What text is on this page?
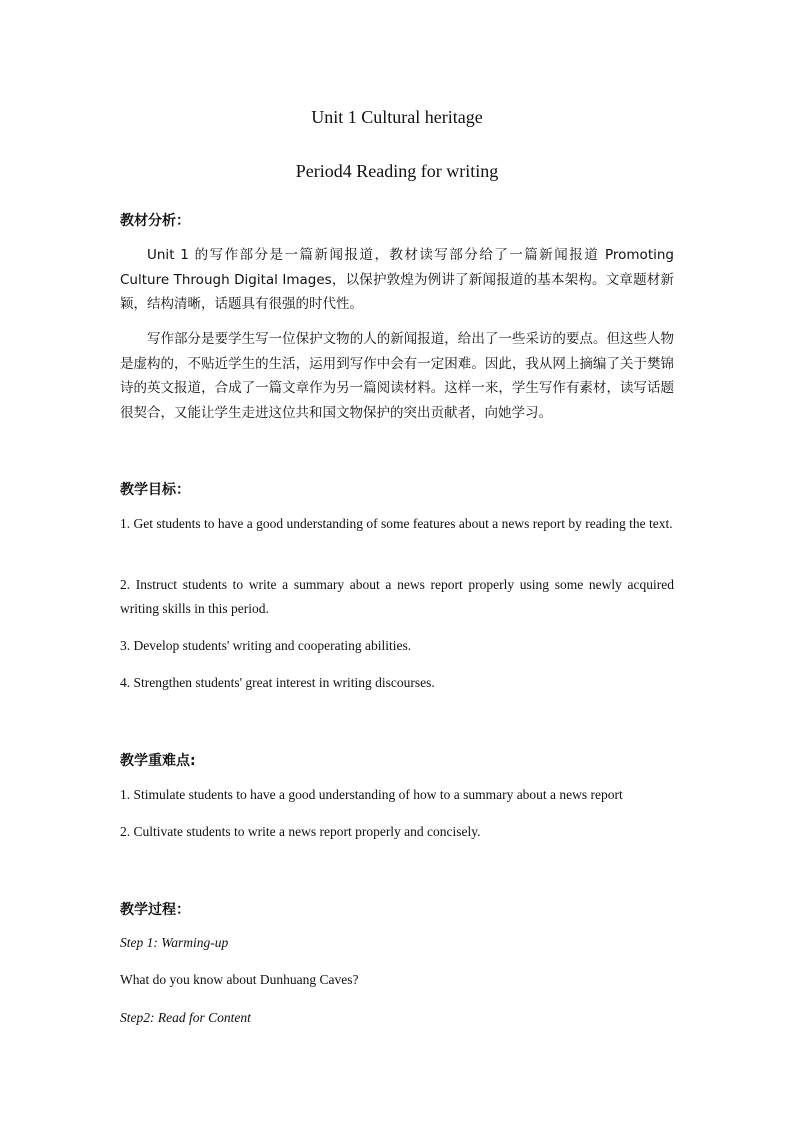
Unit 1 Cultural heritage
Period4 Reading for writing
教材分析：
Unit 1 的写作部分是一篇新闻报道，教材读写部分给了一篇新闻报道 Promoting Culture Through Digital Images，以保护敦煌为例讲了新闻报道的基本架构。文章题材新颖，结构清晰，话题具有很强的时代性。
写作部分是要学生写一位保护文物的人的新闻报道，给出了一些采访的要点。但这些人物是虚构的，不贴近学生的生活，运用到写作中会有一定困难。因此，我从网上摘编了关于樊锦诗的英文报道，合成了一篇文章作为另一篇阅读材料。这样一来，学生写作有素材，读写话题很契合，又能让学生走进这位共和国文物保护的突出贡献者，向她学习。
教学目标：
1. Get students to have a good understanding of some features about a news report by reading the text.
2. Instruct students to write a summary about a news report properly using some newly acquired writing skills in this period.
3. Develop students' writing and cooperating abilities.
4. Strengthen students' great interest in writing discourses.
教学重难点:
1. Stimulate students to have a good understanding of how to a summary about a news report
2. Cultivate students to write a news report properly and concisely.
教学过程：
Step 1: Warming-up
What do you know about Dunhuang Caves?
Step2: Read for Content
